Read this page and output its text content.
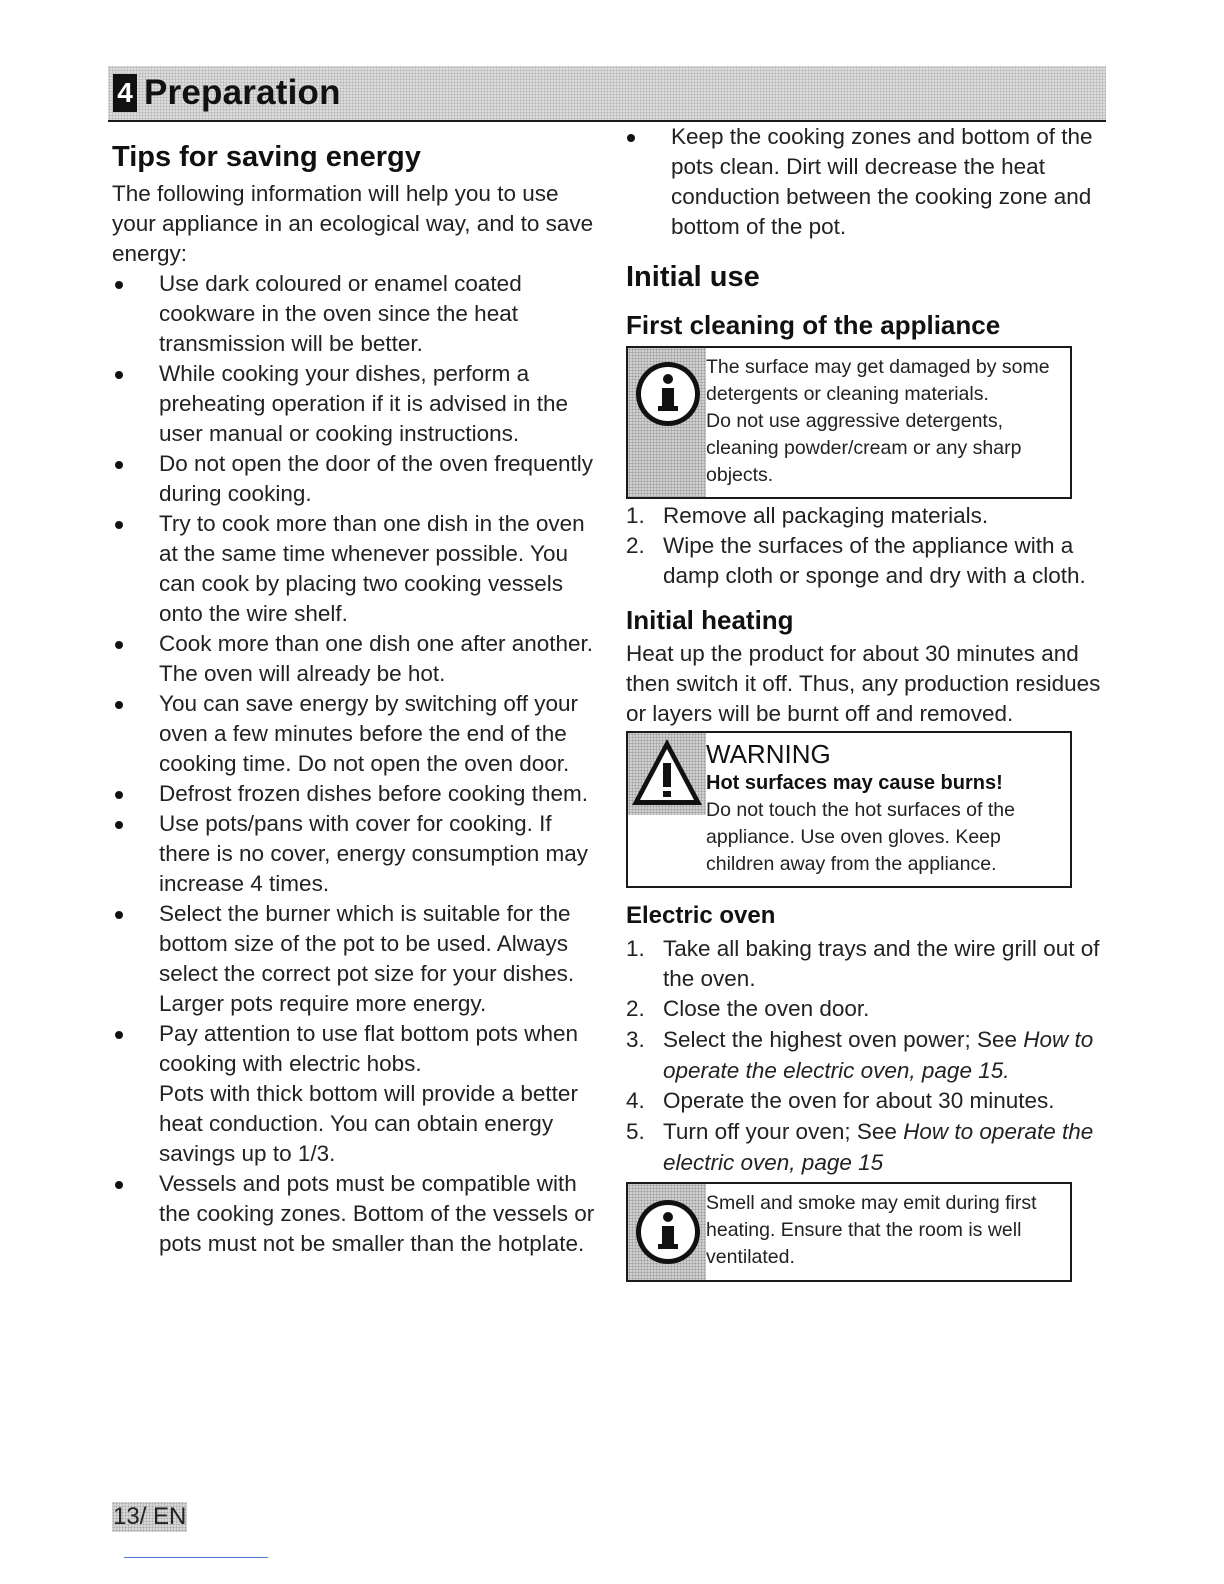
4 Preparation
Tips for saving energy

The following information will help you to use your appliance in an ecological way, and to save energy:

Use dark coloured or enamel coated cookware in the oven since the heat transmission will be better.
While cooking your dishes, perform a preheating operation if it is advised in the user manual or cooking instructions.
Do not open the door of the oven frequently during cooking.
Try to cook more than one dish in the oven at the same time whenever possible. You can cook by placing two cooking vessels onto the wire shelf.
Cook more than one dish one after another. The oven will already be hot.
You can save energy by switching off your oven a few minutes before the end of the cooking time. Do not open the oven door.
Defrost frozen dishes before cooking them.
Use pots/pans with cover for cooking. If there is no cover, energy consumption may increase 4 times.
Select the burner which is suitable for the bottom size of the pot to be used. Always select the correct pot size for your dishes. Larger pots require more energy.
Pay attention to use flat bottom pots when cooking with electric hobs.
Pots with thick bottom will provide a better heat conduction. You can obtain energy savings up to 1/3.
Vessels and pots must be compatible with the cooking zones. Bottom of the vessels or pots must not be smaller than the hotplate.
Keep the cooking zones and bottom of the pots clean. Dirt will decrease the heat conduction between the cooking zone and bottom of the pot.
Initial use
First cleaning of the appliance
The surface may get damaged by some detergents or cleaning materials.
Do not use aggressive detergents, cleaning powder/cream or any sharp objects.
1. Remove all packaging materials.
2. Wipe the surfaces of the appliance with a damp cloth or sponge and dry with a cloth.
Initial heating

Heat up the product for about 30 minutes and then switch it off. Thus, any production residues or layers will be burnt off and removed.

WARNING
Hot surfaces may cause burns!
Do not touch the hot surfaces of the appliance. Use oven gloves. Keep children away from the appliance.
Electric oven
1. Take all baking trays and the wire grill out of the oven.
2. Close the oven door.
3. Select the highest oven power; See How to operate the electric oven, page 15.
4. Operate the oven for about 30 minutes.
5. Turn off your oven; See How to operate the electric oven, page 15
Smell and smoke may emit during first heating. Ensure that the room is well ventilated.
13/ EN
